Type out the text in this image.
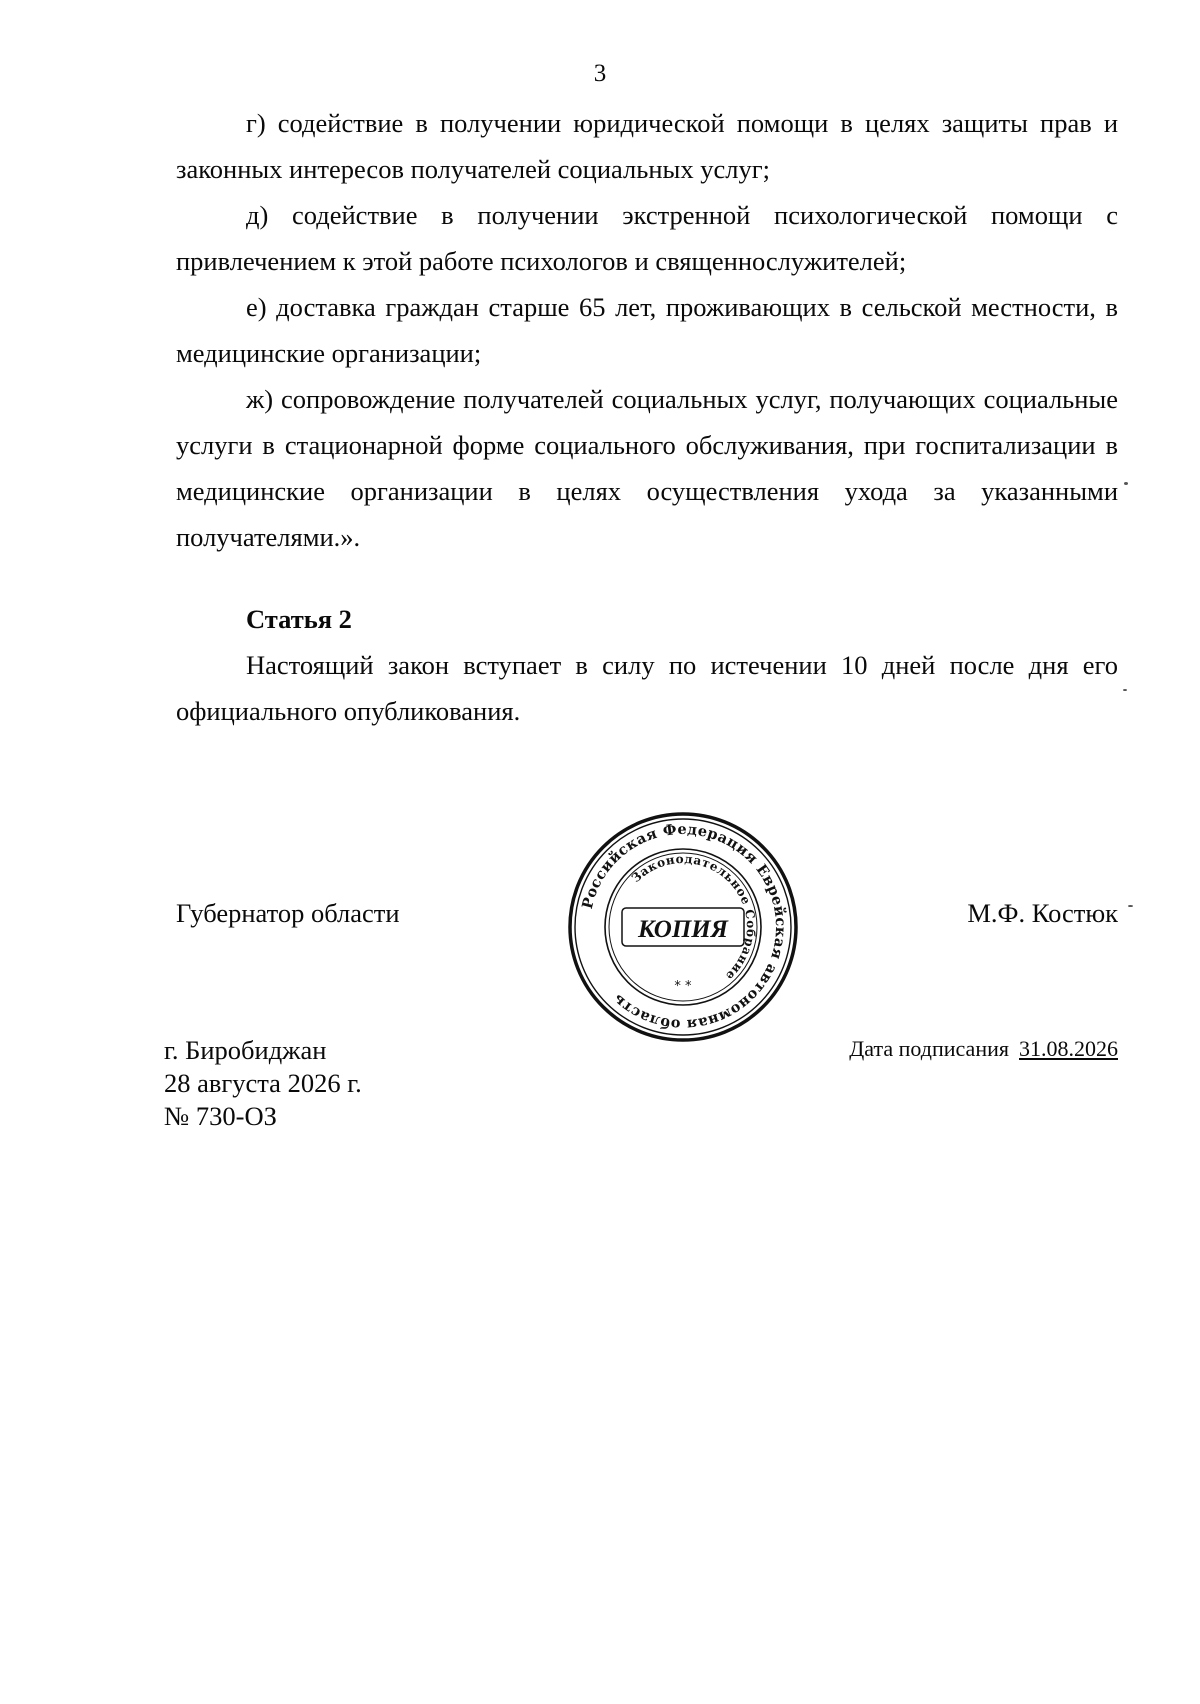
3

г) содействие в получении юридической помощи в целях защиты прав и законных интересов получателей социальных услуг;

д) содействие в получении экстренной психологической помощи с привлечением к этой работе психологов и священнослужителей;

е) доставка граждан старше 65 лет, проживающих в сельской местности, в медицинские организации;

ж) сопровождение получателей социальных услуг, получающих социальные услуги в стационарной форме социального обслуживания, при госпитализации в медицинские организации в целях осуществления ухода за указанными получателями.».

Статья 2

Настоящий закон вступает в силу по истечении 10 дней после дня его официального опубликования.

Губернатор области	М.Ф. Костюк
Российская Федерация Еврейская автономная область
Законодательное Собрание
КОПИЯ
* *
г. Биробиджан
28 августа 2026 г.
№ 730-ОЗ
Дата подписания 31.08.2026
